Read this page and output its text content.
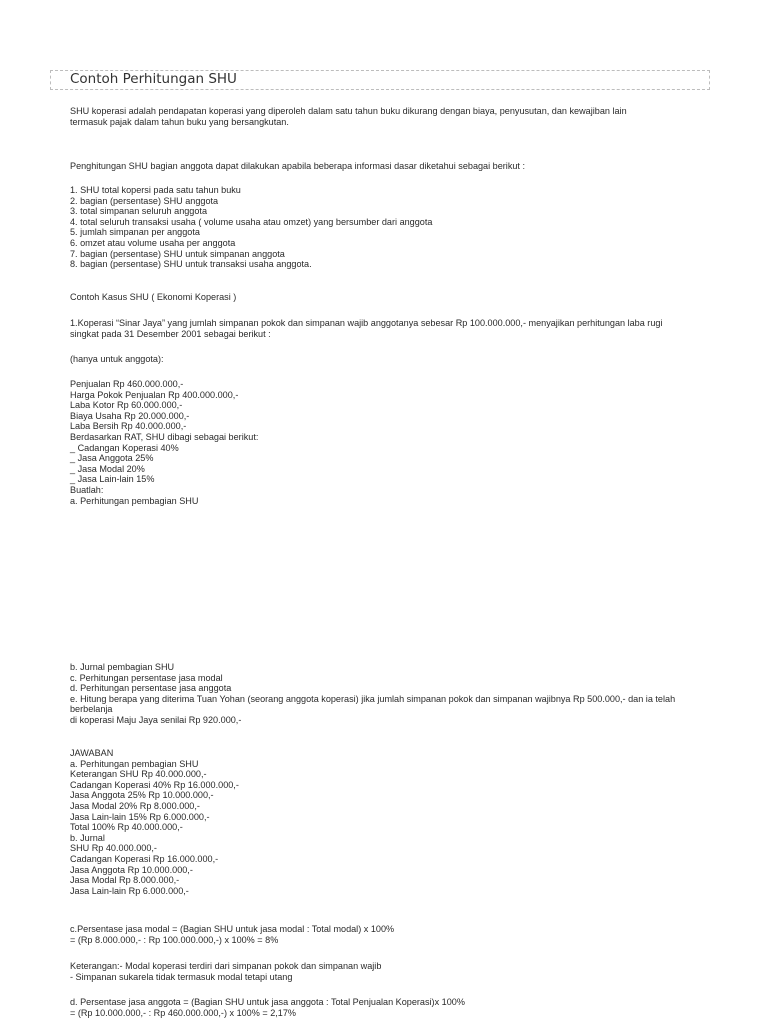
Contoh Perhitungan SHU
SHU koperasi adalah pendapatan koperasi yang diperoleh dalam satu tahun buku dikurang dengan biaya, penyusutan, dan kewajiban lain
termasuk pajak dalam tahun buku yang bersangkutan.
Penghitungan SHU bagian anggota dapat dilakukan apabila beberapa informasi dasar diketahui sebagai berikut :
1. SHU total kopersi pada satu tahun buku
2. bagian (persentase) SHU anggota
3. total simpanan seluruh anggota
4. total seluruh transaksi usaha ( volume usaha atau omzet) yang bersumber dari anggota
5. jumlah simpanan per anggota
6. omzet atau volume usaha per anggota
7. bagian (persentase) SHU untuk simpanan anggota
8. bagian (persentase) SHU untuk transaksi usaha anggota.
Contoh Kasus SHU ( Ekonomi Koperasi )
1.Koperasi “Sinar Jaya” yang jumlah simpanan pokok dan simpanan wajib anggotanya sebesar Rp 100.000.000,- menyajikan perhitungan laba rugi
singkat pada 31 Desember 2001 sebagai berikut :
(hanya untuk anggota):
Penjualan Rp 460.000.000,-
Harga Pokok Penjualan Rp 400.000.000,-
Laba Kotor Rp 60.000.000,-
Biaya Usaha Rp 20.000.000,-
Laba Bersih Rp 40.000.000,-
Berdasarkan RAT, SHU dibagi sebagai berikut:
_ Cadangan Koperasi 40%
_ Jasa Anggota 25%
_ Jasa Modal 20%
_ Jasa Lain-lain 15%
Buatlah:
a. Perhitungan pembagian SHU
b. Jurnal pembagian SHU
c. Perhitungan persentase jasa modal
d. Perhitungan persentase jasa anggota
e. Hitung berapa yang diterima Tuan Yohan (seorang anggota koperasi) jika jumlah simpanan pokok dan simpanan wajibnya Rp 500.000,- dan ia telah
berbelanja
di koperasi Maju Jaya senilai Rp 920.000,-
JAWABAN
a. Perhitungan pembagian SHU
Keterangan SHU Rp 40.000.000,-
Cadangan Koperasi 40% Rp 16.000.000,-
Jasa Anggota 25% Rp 10.000.000,-
Jasa Modal 20% Rp 8.000.000,-
Jasa Lain-lain 15% Rp 6.000.000,-
Total 100% Rp 40.000.000,-
b. Jurnal
SHU Rp 40.000.000,-
Cadangan Koperasi Rp 16.000.000,-
Jasa Anggota Rp 10.000.000,-
Jasa Modal Rp 8.000.000,-
Jasa Lain-lain Rp 6.000.000,-
c.Persentase jasa modal = (Bagian SHU untuk jasa modal : Total modal) x 100%
= (Rp 8.000.000,- : Rp 100.000.000,-) x 100% = 8%
Keterangan:- Modal koperasi terdiri dari simpanan pokok dan simpanan wajib
- Simpanan sukarela tidak termasuk modal tetapi utang
d. Persentase jasa anggota = (Bagian SHU untuk jasa anggota : Total Penjualan Koperasi)x 100%
= (Rp 10.000.000,- : Rp 460.000.000,-) x 100% = 2,17%
